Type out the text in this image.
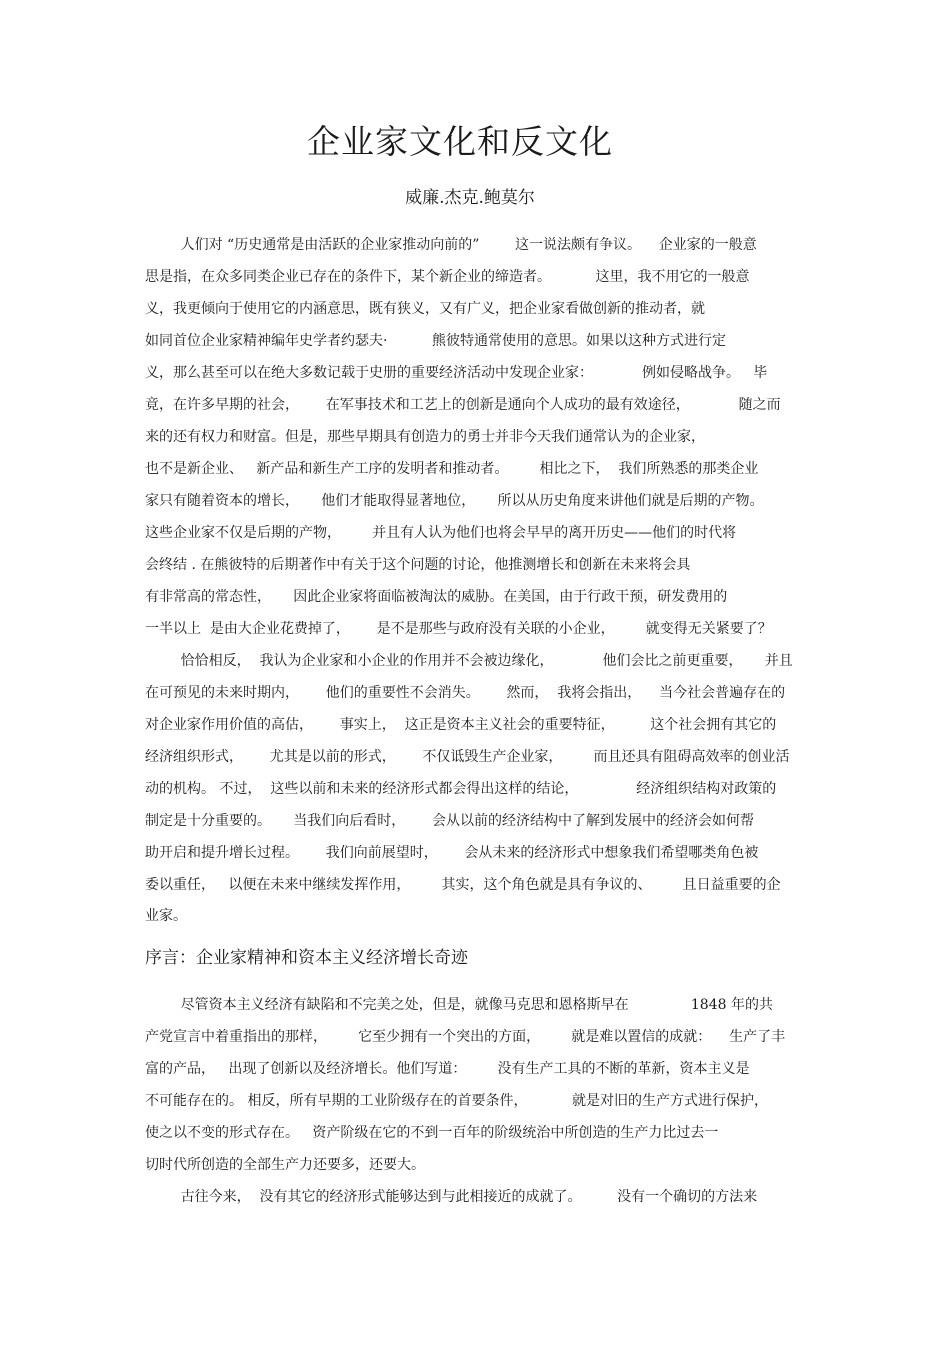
企业家文化和反文化
威廉.杰克.鲍莫尔
人们对 “历史通常是由活跃的企业家推动向前的”        这一说法颇有争议。    企业家的一般意
思是指，在众多同类企业已存在的条件下，某个新企业的缔造者。          这里，我不用它的一般意
义，我更倾向于使用它的内涵意思，既有狭义，又有广义，把企业家看做创新的推动者，就
如同首位企业家精神编年史学者约瑟夫·          熊彼特通常使用的意思。如果以这种方式进行定
义，那么甚至可以在绝大多数记载于史册的重要经济活动中发现企业家：           例如侵略战争。   毕
竟，在许多早期的社会，      在军事技术和工艺上的创新是通向个人成功的最有效途径，           随之而
来的还有权力和财富。但是，那些早期具有创造力的勇士并非今天我们通常认为的企业家，
也不是新企业、   新产品和新生产工序的发明者和推动者。       相比之下，  我们所熟悉的那类企业
家只有随着资本的增长，     他们才能取得显著地位，     所以从历史角度来讲他们就是后期的产物。
这些企业家不仅是后期的产物，       并且有人认为他们也将会早早的离开历史——他们的时代将
会终结 . 在熊彼特的后期著作中有关于这个问题的讨论，他推测增长和创新在未来将会具
有非常高的常态性，     因此企业家将面临被淘汰的威胁。在美国，由于行政干预，研发费用的
一半以上  是由大企业花费掉了，      是不是那些与政府没有关联的小企业，       就变得无关紧要了？
恰恰相反，  我认为企业家和小企业的作用并不会被边缘化，           他们会比之前更重要，     并且
在可预见的未来时期内，      他们的重要性不会消失。      然而，  我将会指出，    当今社会普遍存在的
对企业家作用价值的高估，      事实上，  这正是资本主义社会的重要特征，        这个社会拥有其它的
经济组织形式，      尤其是以前的形式，      不仅诋毁生产企业家，       而且还具有阻碍高效率的创业活
动的机构。 不过，  这些以前和未来的经济形式都会得出这样的结论，             经济组织结构对政策的
制定是十分重要的。     当我们向后看时，      会从以前的经济结构中了解到发展中的经济会如何帮
助开启和提升增长过程。      我们向前展望时，      会从未来的经济形式中想象我们希望哪类角色被
委以重任，   以便在未来中继续发挥作用，       其实，这个角色就是具有争议的、       且日益重要的企
业家。
序言：企业家精神和资本主义经济增长奇迹
尽管资本主义经济有缺陷和不完美之处，但是，就像马克思和恩格斯早在              1848 年的共
产党宣言中着重指出的那样，       它至少拥有一个突出的方面，       就是难以置信的成就：    生产了丰
富的产品，   出现了创新以及经济增长。他们写道：       没有生产工具的不断的革新，资本主义是
不可能存在的。 相反，所有早期的工业阶级存在的首要条件，          就是对旧的生产方式进行保护，
使之以不变的形式存在。   资产阶级在它的不到一百年的阶级统治中所创造的生产力比过去一
切时代所创造的全部生产力还要多，还要大。
古往今来，  没有其它的经济形式能够达到与此相接近的成就了。        没有一个确切的方法来
